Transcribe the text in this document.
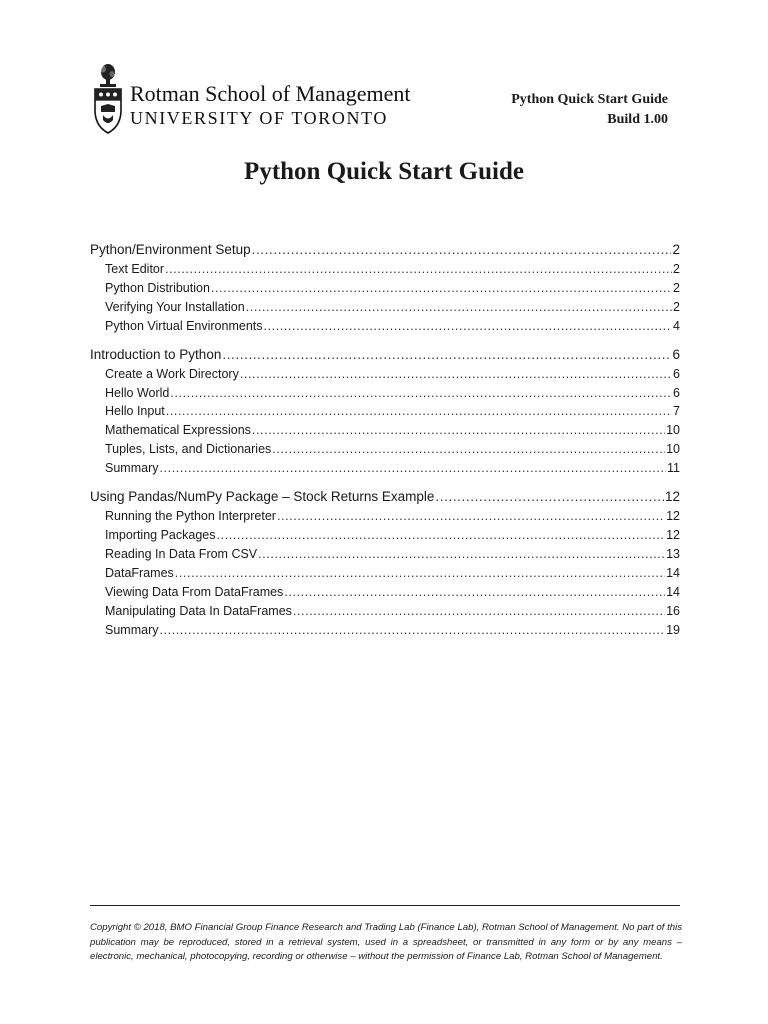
Rotman School of Management
UNIVERSITY OF TORONTO
Python Quick Start Guide
Build 1.00
Python Quick Start Guide
Python/Environment Setup .....	2
Text Editor .....	2
Python Distribution .....	2
Verifying Your Installation .....	2
Python Virtual Environments .....	4
Introduction to Python .....	6
Create a Work Directory .....	6
Hello World .....	6
Hello Input .....	7
Mathematical Expressions .....	10
Tuples, Lists, and Dictionaries .....	10
Summary .....	11
Using Pandas/NumPy Package – Stock Returns Example .....	12
Running the Python Interpreter .....	12
Importing Packages .....	12
Reading In Data From CSV .....	13
DataFrames .....	14
Viewing Data From DataFrames .....	14
Manipulating Data In DataFrames .....	16
Summary .....	19
Copyright © 2018, BMO Financial Group Finance Research and Trading Lab (Finance Lab), Rotman School of Management. No part of this publication may be reproduced, stored in a retrieval system, used in a spreadsheet, or transmitted in any form or by any means – electronic, mechanical, photocopying, recording or otherwise – without the permission of Finance Lab, Rotman School of Management.
